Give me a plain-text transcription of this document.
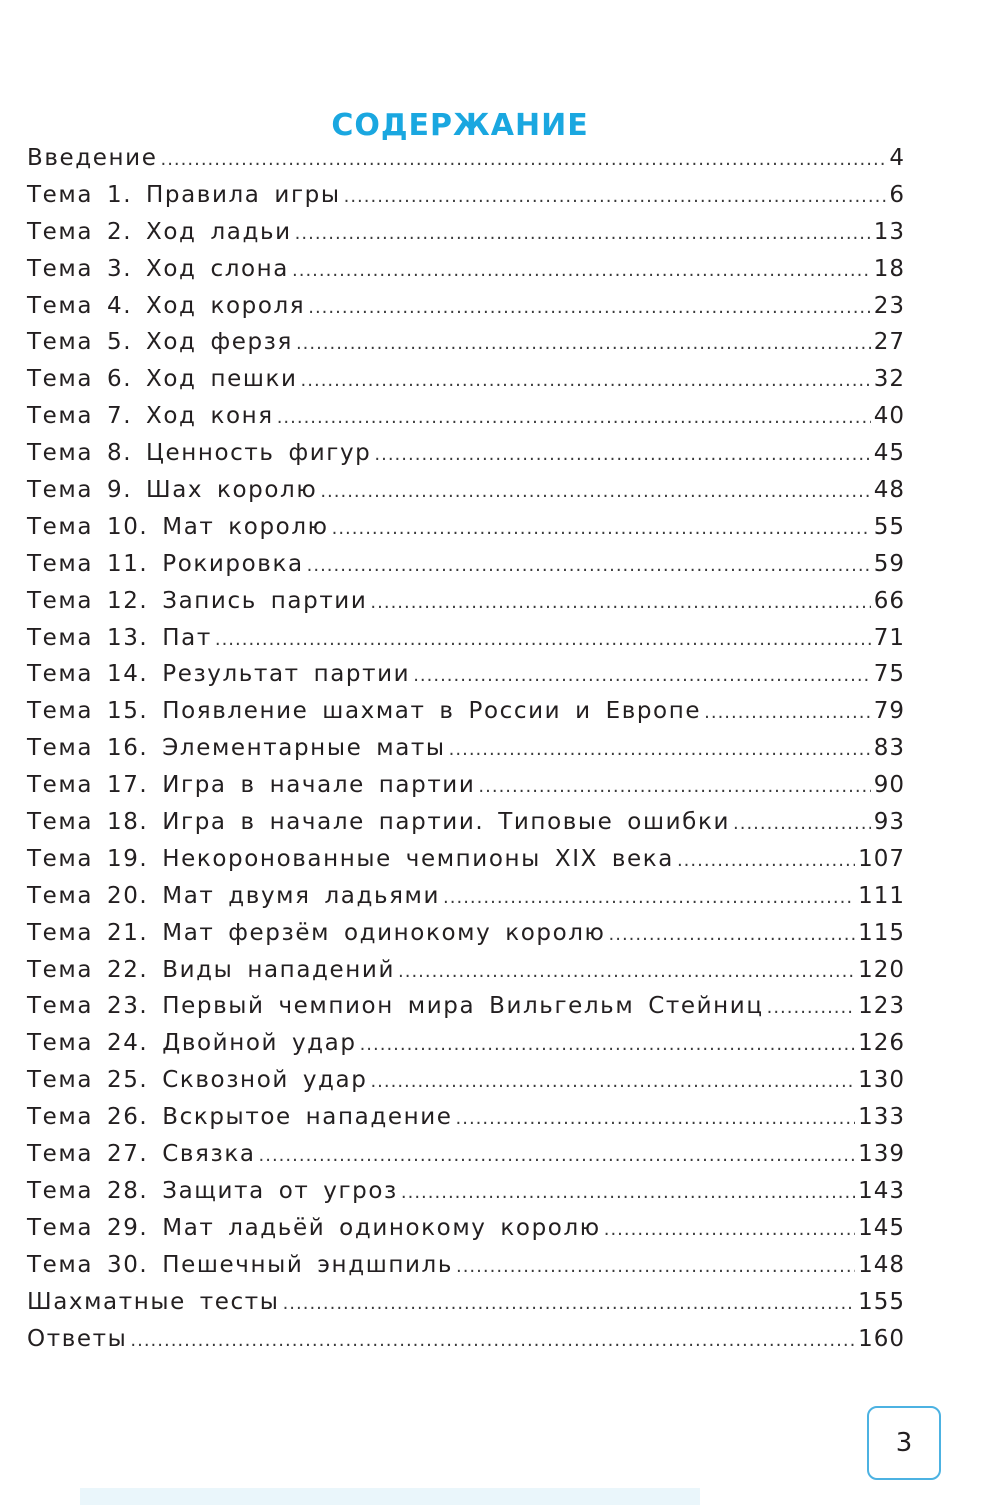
СОДЕРЖАНИЕ
Введение .....	4
Тема 1. Правила игры .....	6
Тема 2. Ход ладьи .....	13
Тема 3. Ход слона .....	18
Тема 4. Ход короля .....	23
Тема 5. Ход ферзя .....	27
Тема 6. Ход пешки .....	32
Тема 7. Ход коня .....	40
Тема 8. Ценность фигур .....	45
Тема 9. Шах королю .....	48
Тема 10. Мат королю .....	55
Тема 11. Рокировка .....	59
Тема 12. Запись партии .....	66
Тема 13. Пат .....	71
Тема 14. Результат партии .....	75
Тема 15. Появление шахмат в России и Европе .....	79
Тема 16. Элементарные маты .....	83
Тема 17. Игра в начале партии .....	90
Тема 18. Игра в начале партии. Типовые ошибки .....	93
Тема 19. Некоронованные чемпионы XIX века .....	107
Тема 20. Мат двумя ладьями .....	111
Тема 21. Мат ферзём одинокому королю .....	115
Тема 22. Виды нападений .....	120
Тема 23. Первый чемпион мира Вильгельм Стейниц .....	123
Тема 24. Двойной удар .....	126
Тема 25. Сквозной удар .....	130
Тема 26. Вскрытое нападение .....	133
Тема 27. Связка .....	139
Тема 28. Защита от угроз .....	143
Тема 29. Мат ладьёй одинокому королю .....	145
Тема 30. Пешечный эндшпиль .....	148
Шахматные тесты .....	155
Ответы .....	160
3
